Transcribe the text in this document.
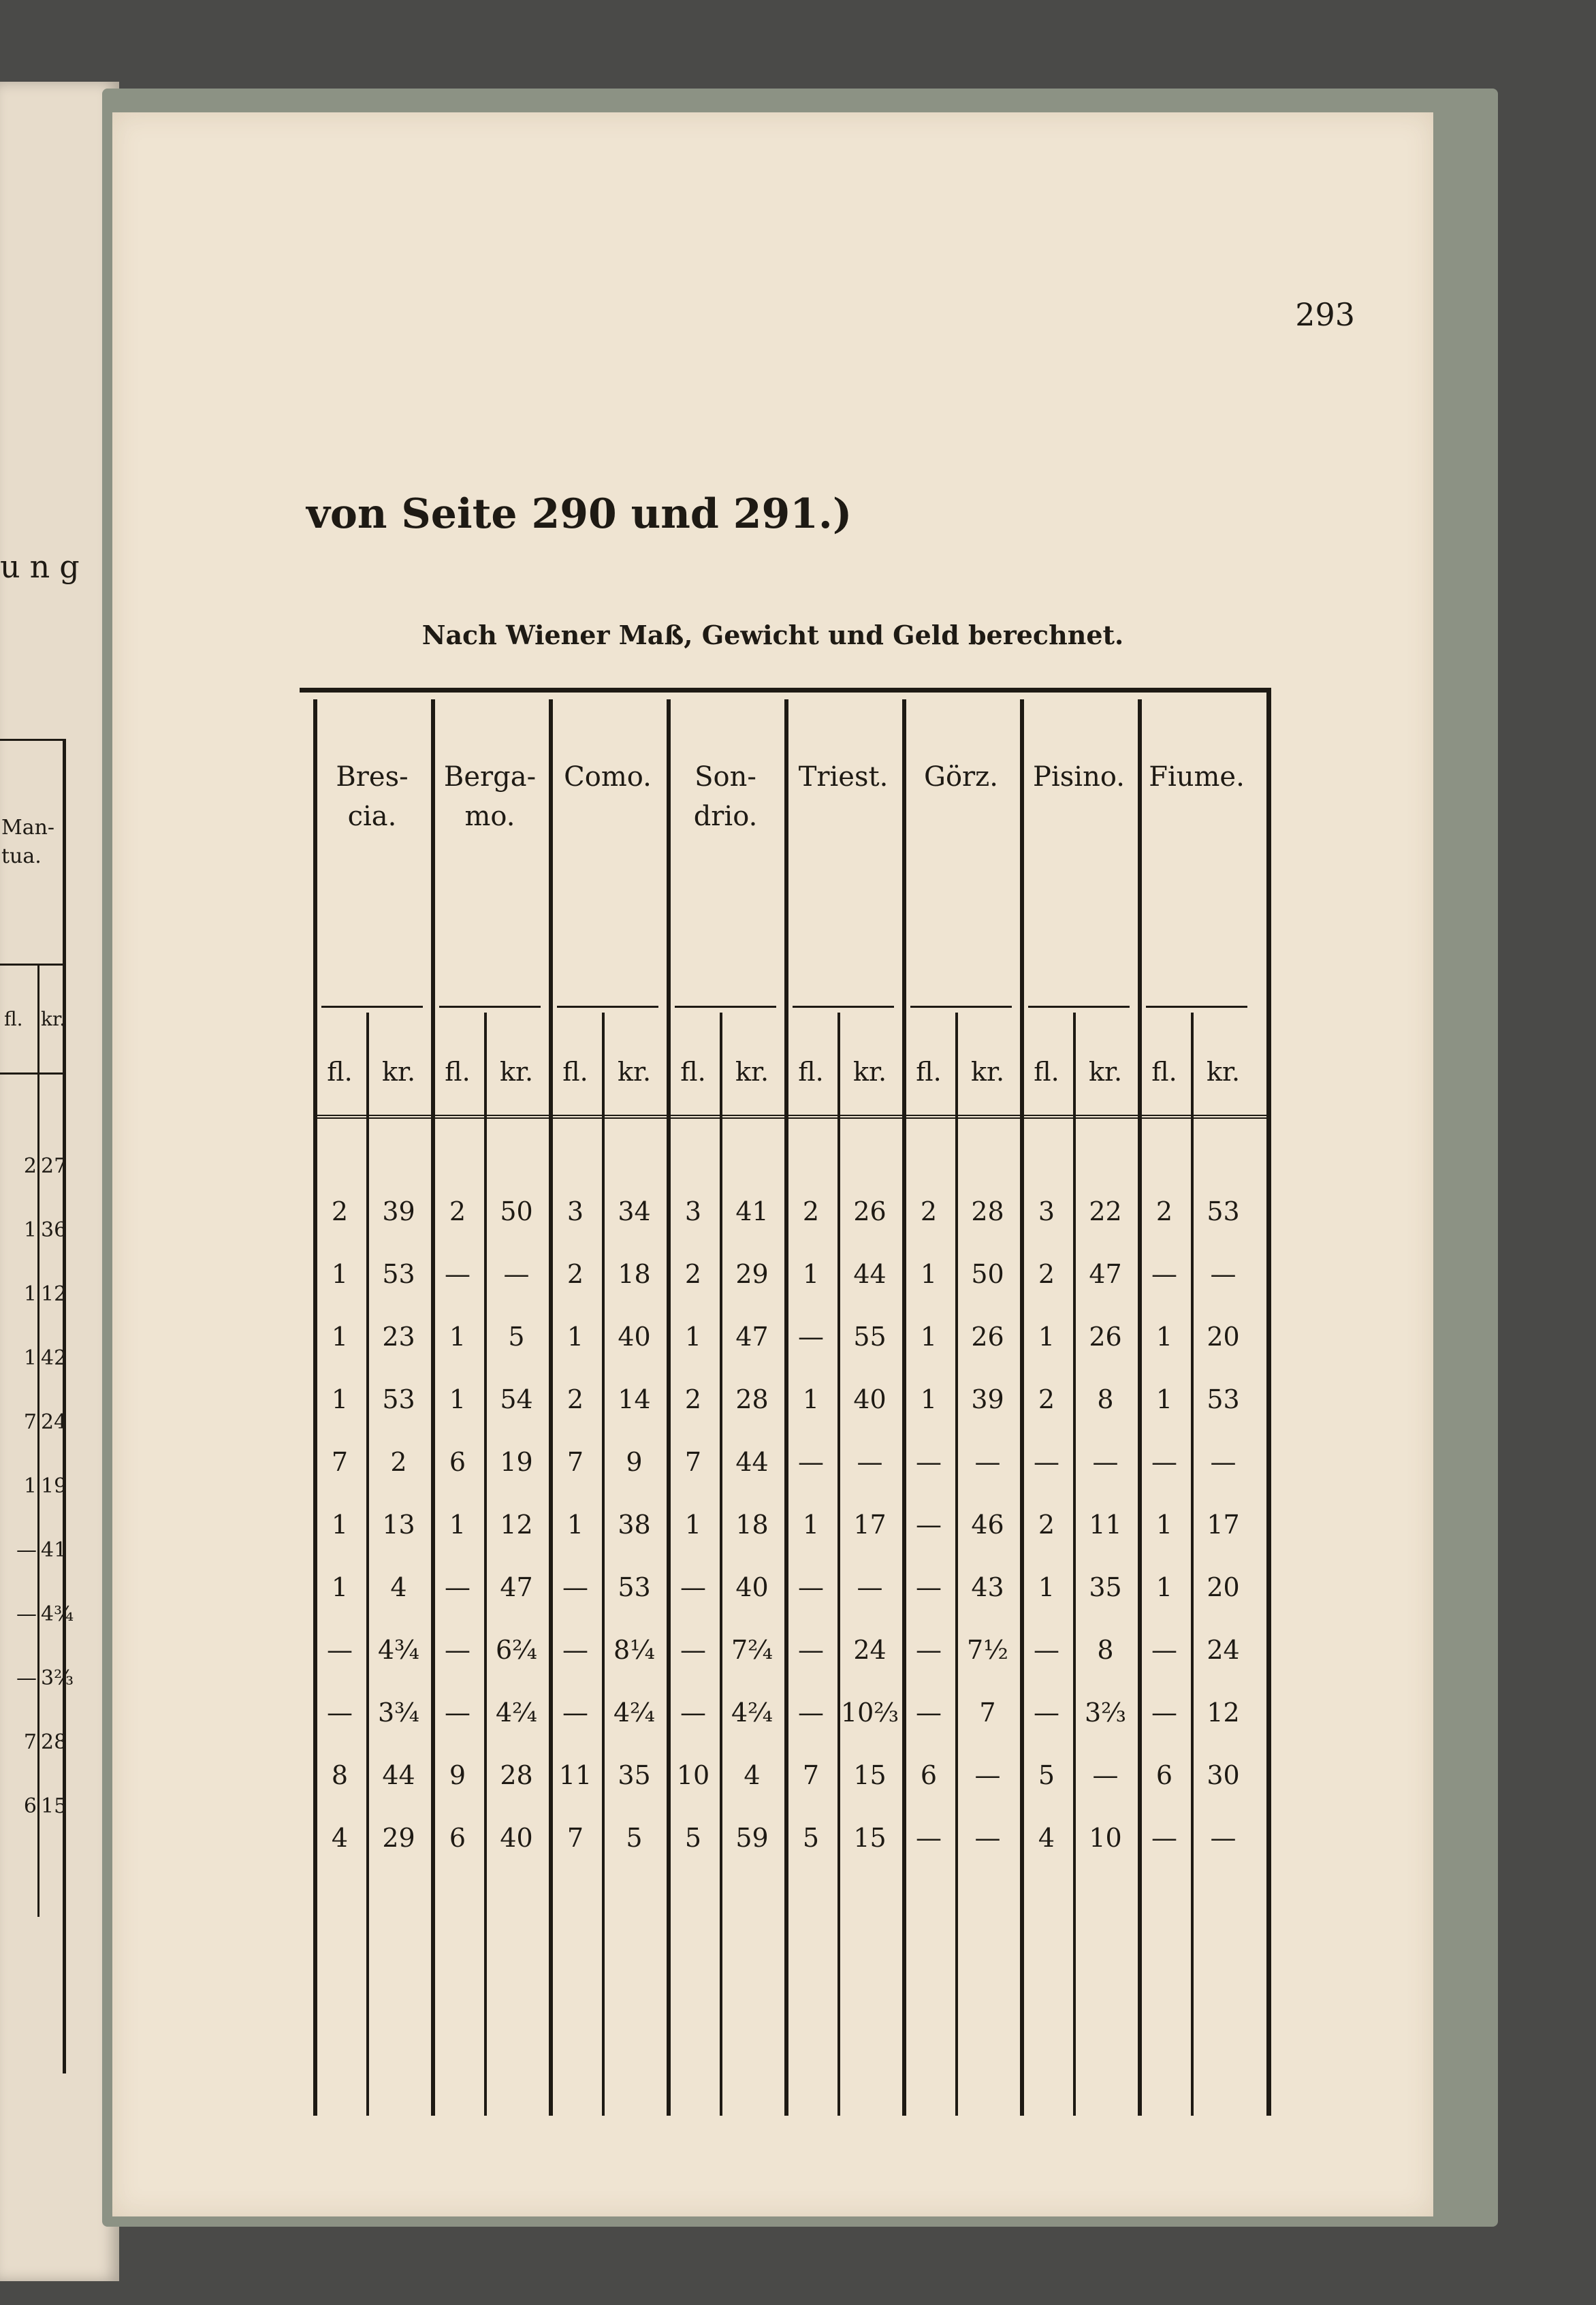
ung
Man-
tua.
fl. kr.
2 27
1 36
1 12
1 42
7 24
1 19
— 41
— 4¾
— 3⅔
7 28
6 15
293
von Seite 290 und 291.)
Nach Wiener Maß, Gewicht und Geld berechnet.
Bres-
cia.
fl.	kr.
Berga-
mo.
fl.	kr.
Como.
fl.	kr.
Son-
drio.
fl.	kr.
Triest.
fl.	kr.
Görz.
fl.	kr.
Pisino.
fl.	kr.
Fiume.
fl.	kr.
2	39	2	50	3	34	3	41	2	26	2	28	3	22	2	53
1	53	—	—	2	18	2	29	1	44	1	50	2	47	—	—
1	23	1	5	1	40	1	47	—	55	1	26	1	26	1	20
1	53	1	54	2	14	2	28	1	40	1	39	2	8	1	53
7	2	6	19	7	9	7	44	—	—	—	—	—	—	—	—
1	13	1	12	1	38	1	18	1	17	—	46	2	11	1	17
1	4	—	47	—	53	—	40	—	—	—	43	1	35	1	20
— 4¾ — 6²⁄₄ — 8¼ — 7²⁄₄ —	24	— 7½ —	8	—	24
— 3¾ — 4²⁄₄ — 4²⁄₄ — 4²⁄₄ — 10⅔ —	7	— 3⅔ —	12
8	44	9	28	11	35	10	4	7	15	6	—	5	—	6	30
4	29	6	40	7	5	5	59	5	15	—	—	4	10	—	—
